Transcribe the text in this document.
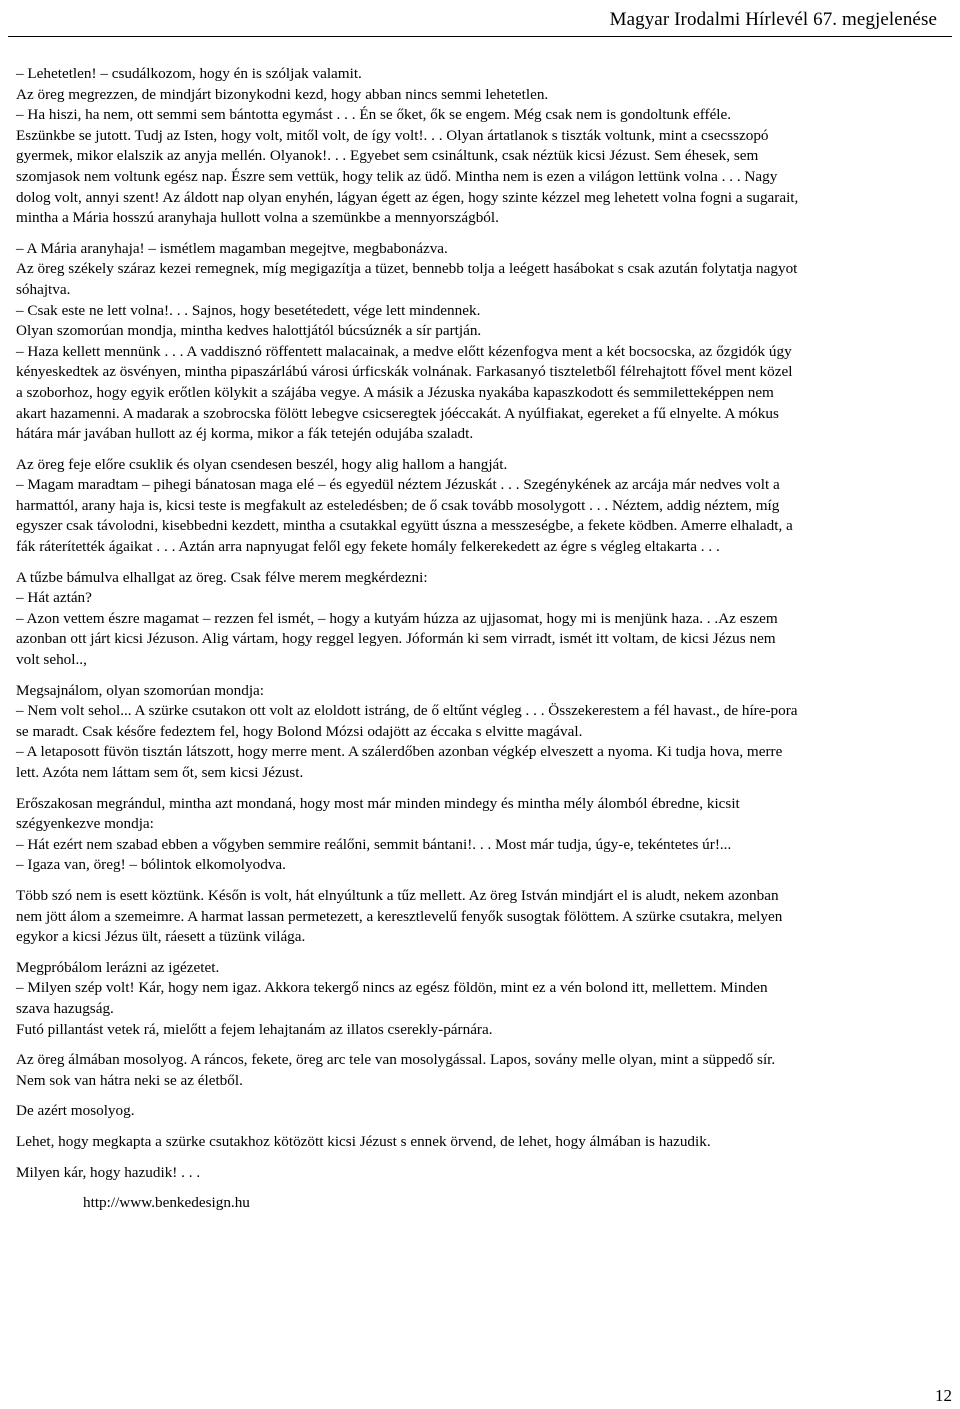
Magyar Irodalmi Hírlevél 67. megjelenése
– Lehetetlen! – csudálkozom, hogy én is szóljak valamit.
Az öreg megrezzen, de mindjárt bizonykodni kezd, hogy abban nincs semmi lehetetlen.
– Ha hiszi, ha nem, ott semmi sem bántotta egymást . . . Én se őket, ők se engem. Még csak nem is gondoltunk efféle.
Eszünkbe se jutott. Tudj az Isten, hogy volt, mitől volt, de így volt!. . . Olyan ártatlanok s tiszták voltunk, mint a csecsszopó
gyermek, mikor elalszik az anyja mellén. Olyanok!. . . Egyebet sem csináltunk, csak néztük kicsi Jézust. Sem éhesek, sem
szomjasok nem voltunk egész nap. Észre sem vettük, hogy telik az üdő. Mintha nem is ezen a világon lettünk volna . . . Nagy
dolog volt, annyi szent! Az áldott nap olyan enyhén, lágyan égett az égen, hogy szinte kézzel meg lehetett volna fogni a sugarait,
mintha a Mária hosszú aranyhaja hullott volna a szemünkbe a mennyországból.
– A Mária aranyhaja! – ismétlem magamban megejtve, megbabonázva.
Az öreg székely száraz kezei remegnek, míg megigazítja a tüzet, bennebb tolja a leégett hasábokat s csak azután folytatja nagyot
sóhajtva.
– Csak este ne lett volna!. . . Sajnos, hogy besetétedett, vége lett mindennek.
Olyan szomorúan mondja, mintha kedves halottjától búcsúznék a sír partján.
– Haza kellett mennünk . . . A vaddisznó röffentett malacainak, a medve előtt kézenfogva ment a két bocsocska, az őzgidók úgy
kényeskedtek az ösvényen, mintha pipaszárlábú városi úrficskák volnának. Farkasanyó tiszteletből félrehajtott fővel ment közel
a szoborhoz, hogy egyik erőtlen kölykit a szájába vegye. A másik a Jézuska nyakába kapaszkodott és semmiletteképpen nem
akart hazamenni. A madarak a szobrocska fölött lebegve csicseregtek jóéccakát. A nyúlfiakat, egereket a fű elnyelte. A mókus
hátára már javában hullott az éj korma, mikor a fák tetején odujába szaladt.
Az öreg feje előre csuklik és olyan csendesen beszél, hogy alig hallom a hangját.
– Magam maradtam – pihegi bánatosan maga elé – és egyedül néztem Jézuskát . . . Szegénykének az arcája már nedves volt a
harmattól, arany haja is, kicsi teste is megfakult az esteledésben; de ő csak tovább mosolygott . . . Néztem, addig néztem, míg
egyszer csak távolodni, kisebbedni kezdett, mintha a csutakkal együtt úszna a messzeségbe, a fekete ködben. Amerre elhaladt, a
fák ráterítették ágaikat . . . Aztán arra napnyugat felől egy fekete homály felkerekedett az égre s végleg eltakarta . . .
A tűzbe bámulva elhallgat az öreg. Csak félve merem megkérdezni:
– Hát aztán?
– Azon vettem észre magamat – rezzen fel ismét, – hogy a kutyám húzza az ujjasomat, hogy mi is menjünk haza. . .Az eszem
azonban ott járt kicsi Jézuson. Alig vártam, hogy reggel legyen. Jóformán ki sem virradt, ismét itt voltam, de kicsi Jézus nem
volt sehol..,
Megsajnálom, olyan szomorúan mondja:
– Nem volt sehol... A szürke csutakon ott volt az eloldott istráng, de ő eltűnt végleg . . . Összekerestem a fél havast., de híre-pora
se maradt. Csak későre fedeztem fel, hogy Bolond Mózsi odajött az éccaka s elvitte magával.
– A letaposott füvön tisztán látszott, hogy merre ment. A szálerdőben azonban végkép elveszett a nyoma. Ki tudja hova, merre
lett. Azóta nem láttam sem őt, sem kicsi Jézust.
Erőszakosan megrándul, mintha azt mondaná, hogy most már minden mindegy és mintha mély álomból ébredne, kicsit
szégyenkezve mondja:
– Hát ezért nem szabad ebben a vőgyben semmire reálőni, semmit bántani!. . . Most már tudja, úgy-e, tekéntetes úr!...
– Igaza van, öreg! – bólintok elkomolyodva.
Több szó nem is esett köztünk. Későn is volt, hát elnyúltunk a tűz mellett. Az öreg István mindjárt el is aludt, nekem azonban
nem jött álom a szemeimre. A harmat lassan permetezett, a keresztlevelű fenyők susogtak fölöttem. A szürke csutakra, melyen
egykor a kicsi Jézus ült, ráesett a tüzünk világa.
Megpróbálom lerázni az igézetet.
– Milyen szép volt! Kár, hogy nem igaz. Akkora tekergő nincs az egész földön, mint ez a vén bolond itt, mellettem. Minden
szava hazugság.
Futó pillantást vetek rá, mielőtt a fejem lehajtanám az illatos cserekly-párnára.
Az öreg álmában mosolyog. A ráncos, fekete, öreg arc tele van mosolygással. Lapos, sovány melle olyan, mint a süppedő sír.
Nem sok van hátra neki se az életből.
De azért mosolyog.
Lehet, hogy megkapta a szürke csutakhoz kötözött kicsi Jézust s ennek örvend, de lehet, hogy álmában is hazudik.
Milyen kár, hogy hazudik! . . .
http://www.benkedesign.hu
12
